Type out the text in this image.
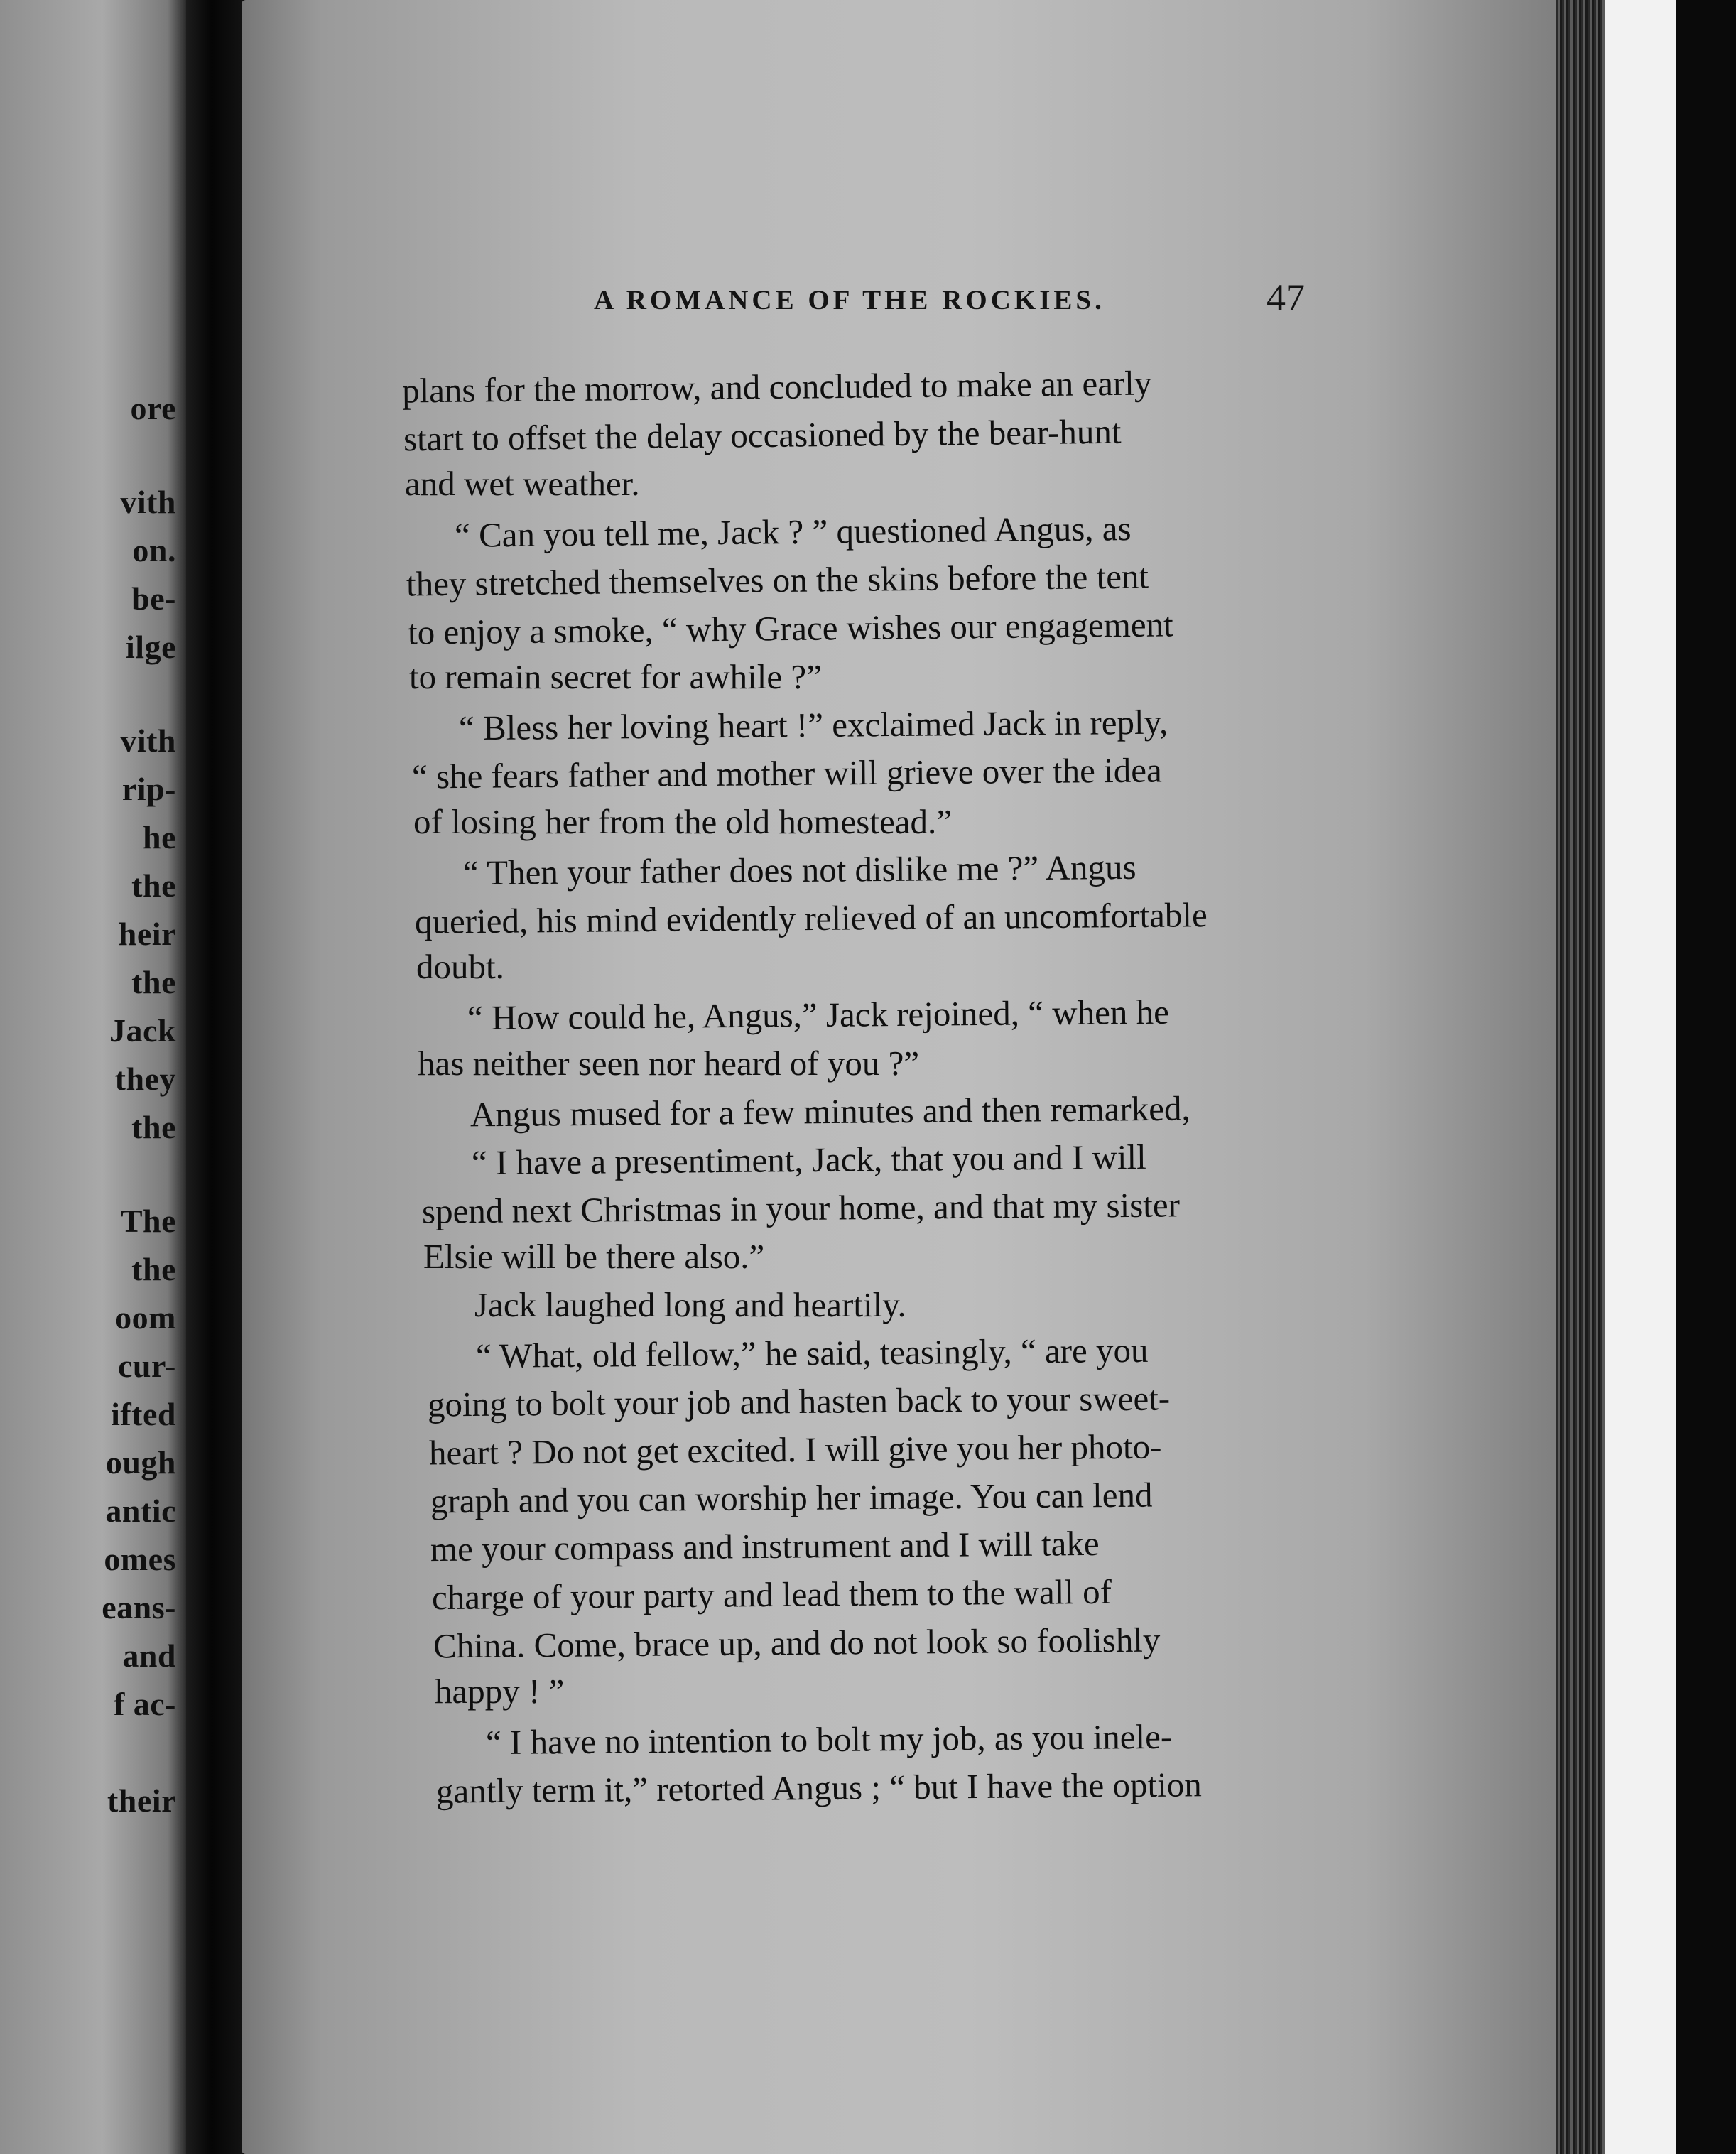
ore
vith
on.
be-
ilge
vith
rip-
he
the
heir
the
Jack
they
the
The
the
oom
cur-
ifted
ough
antic
omes
eans-
and
f ac-
their
A ROMANCE OF THE ROCKIES.	47
plans for the morrow, and concluded to make an early
start to offset the delay occasioned by the bear-hunt
and wet weather.
“ Can you tell me, Jack ? ” questioned Angus, as
they stretched themselves on the skins before the tent
to enjoy a smoke, “ why Grace wishes our engagement
to remain secret for awhile ?”
“ Bless her loving heart !” exclaimed Jack in reply,
“ she fears father and mother will grieve over the idea
of losing her from the old homestead.”
“ Then your father does not dislike me ?” Angus
queried, his mind evidently relieved of an uncomfortable
doubt.
“ How could he, Angus,” Jack rejoined, “ when he
has neither seen nor heard of you ?”
Angus mused for a few minutes and then remarked,
“ I have a presentiment, Jack, that you and I will
spend next Christmas in your home, and that my sister
Elsie will be there also.”
Jack laughed long and heartily.
“ What, old fellow,” he said, teasingly, “ are you
going to bolt your job and hasten back to your sweet-
heart ? Do not get excited. I will give you her photo-
graph and you can worship her image. You can lend
me your compass and instrument and I will take
charge of your party and lead them to the wall of
China. Come, brace up, and do not look so foolishly
happy ! ”
“ I have no intention to bolt my job, as you inele-
gantly term it,” retorted Angus ; “ but I have the option
